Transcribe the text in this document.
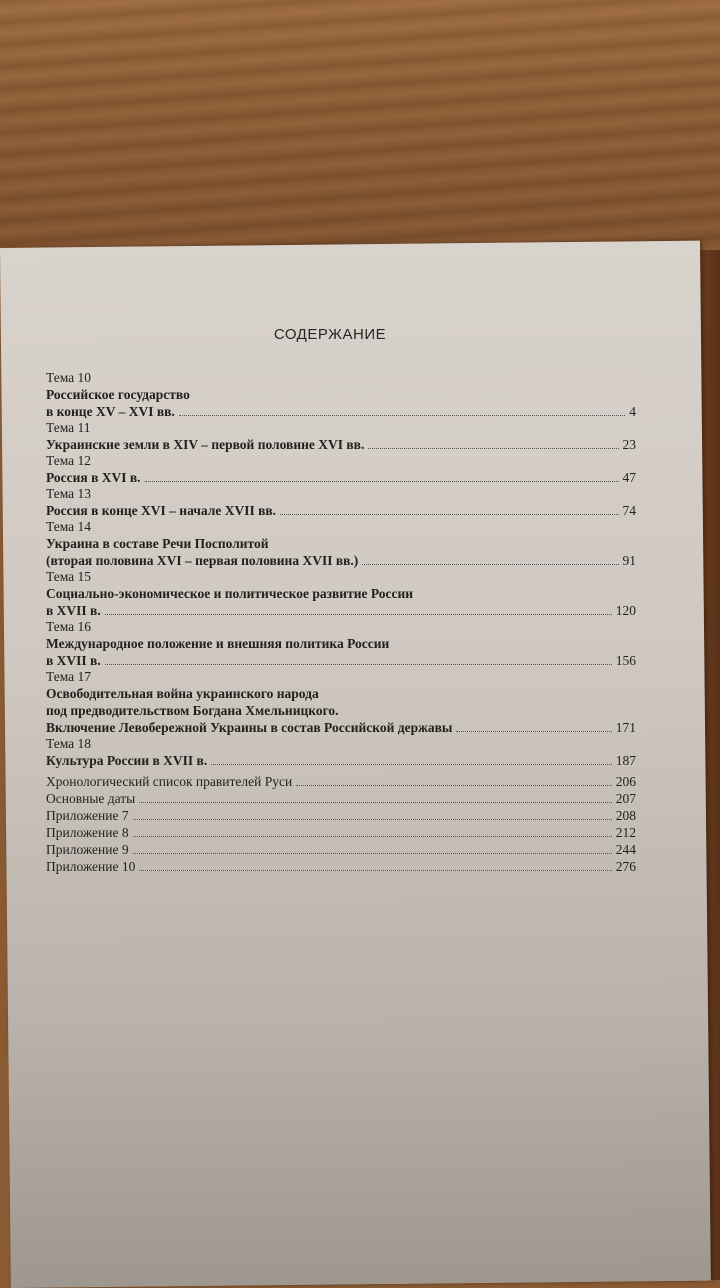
СОДЕРЖАНИЕ
Тема 10
Российское государство
в конце XV – XVI вв.	4
Тема 11
Украинские земли в XIV – первой половине XVI вв.	23
Тема 12
Россия в XVI в.	47
Тема 13
Россия в конце XVI – начале XVII вв.	74
Тема 14
Украина в составе Речи Посполитой
(вторая половина XVI – первая половина XVII вв.)	91
Тема 15
Социально-экономическое и политическое развитие России
в XVII в.	120
Тема 16
Международное положение и внешняя политика России
в XVII в.	156
Тема 17
Освободительная война украинского народа
под предводительством Богдана Хмельницкого.
Включение Левобережной Украины в состав Российской державы	171
Тема 18
Культура России в XVII в.	187
Хронологический список правителей Руси	206
Основные даты	207
Приложение 7	208
Приложение 8	212
Приложение 9	244
Приложение 10	276
